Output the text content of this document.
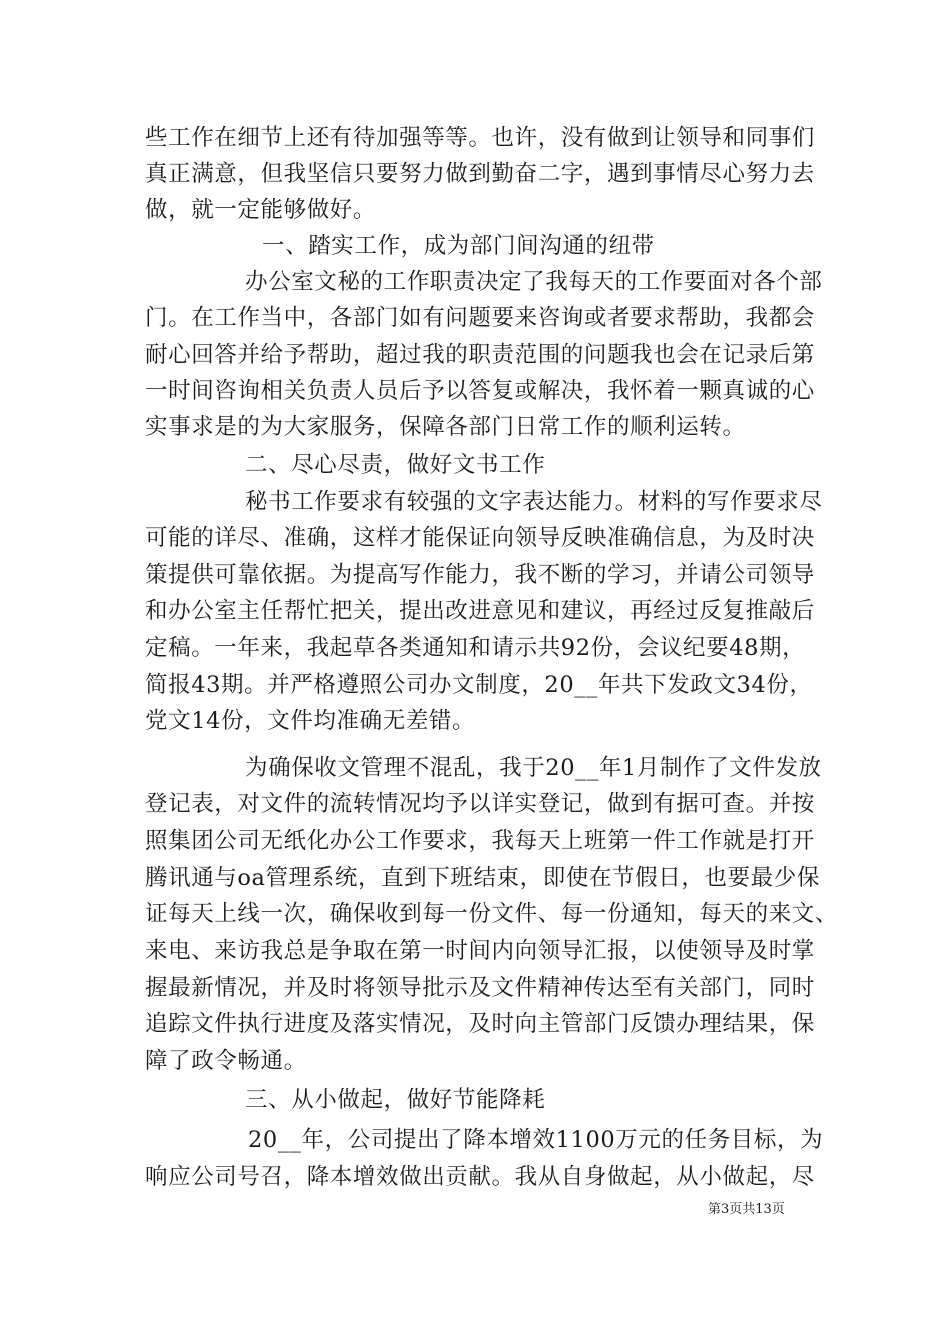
些工作在细节上还有待加强等等。也许，没有做到让领导和同事们
真正满意，但我坚信只要努力做到勤奋二字，遇到事情尽心努力去
做，就一定能够做好。
一、踏实工作，成为部门间沟通的纽带
办公室文秘的工作职责决定了我每天的工作要面对各个部
门。在工作当中，各部门如有问题要来咨询或者要求帮助，我都会
耐心回答并给予帮助，超过我的职责范围的问题我也会在记录后第
一时间咨询相关负责人员后予以答复或解决，我怀着一颗真诚的心
实事求是的为大家服务，保障各部门日常工作的顺利运转。
二、尽心尽责，做好文书工作
秘书工作要求有较强的文字表达能力。材料的写作要求尽
可能的详尽、准确，这样才能保证向领导反映准确信息，为及时决
策提供可靠依据。为提高写作能力，我不断的学习，并请公司领导
和办公室主任帮忙把关，提出改进意见和建议，再经过反复推敲后
定稿。一年来，我起草各类通知和请示共92份，会议纪要48期，
简报43期。并严格遵照公司办文制度，20__年共下发政文34份，
党文14份，文件均准确无差错。
为确保收文管理不混乱，我于20__年1月制作了文件发放
登记表，对文件的流转情况均予以详实登记，做到有据可查。并按
照集团公司无纸化办公工作要求，我每天上班第一件工作就是打开
腾讯通与oa管理系统，直到下班结束，即使在节假日，也要最少保
证每天上线一次，确保收到每一份文件、每一份通知，每天的来文、
来电、来访我总是争取在第一时间内向领导汇报，以使领导及时掌
握最新情况，并及时将领导批示及文件精神传达至有关部门，同时
追踪文件执行进度及落实情况，及时向主管部门反馈办理结果，保
障了政令畅通。
三、从小做起，做好节能降耗
20__年，公司提出了降本增效1100万元的任务目标，为
响应公司号召，降本增效做出贡献。我从自身做起，从小做起，尽
第3页共13页
